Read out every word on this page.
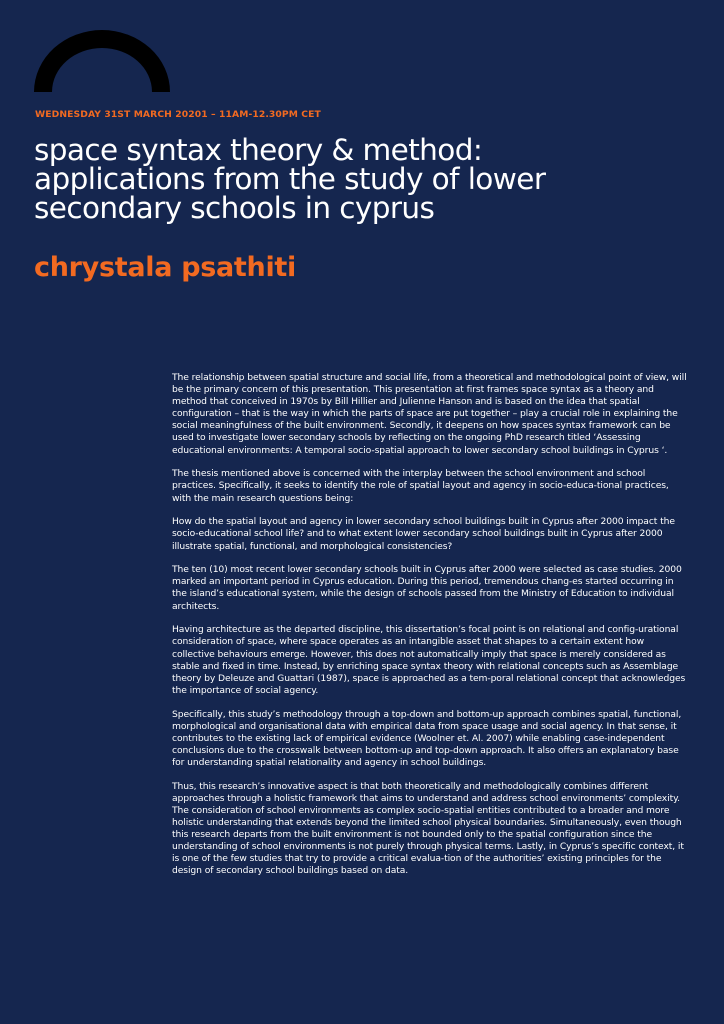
WEDNESDAY 31ST MARCH 20201 – 11AM-12.30PM CET
space syntax theory & method:
applications from the study of lower
secondary schools in cyprus
chrystala psathiti

The relationship between spatial structure and social life, from a theoretical and methodological point of view, will be the primary concern of this presentation. This presentation at first frames space syntax as a theory and method that conceived in 1970s by Bill Hillier and Julienne Hanson and is based on the idea that spatial configuration – that is the way in which the parts of space are put together – play a crucial role in explaining the social meaningfulness of the built environment. Secondly, it deepens on how spaces syntax framework can be used to investigate lower secondary schools by reflecting on the ongoing PhD research titled ‘Assessing educational environments: A temporal socio-spatial approach to lower secondary school buildings in Cyprus ‘.

The thesis mentioned above is concerned with the interplay between the school environment and school practices. Specifically, it seeks to identify the role of spatial layout and agency in socio-educa-tional practices, with the main research questions being:

How do the spatial layout and agency in lower secondary school buildings built in Cyprus after 2000 impact the socio-educational school life? and to what extent lower secondary school buildings built in Cyprus after 2000 illustrate spatial, functional, and morphological consistencies?

The ten (10) most recent lower secondary schools built in Cyprus after 2000 were selected as case studies. 2000 marked an important period in Cyprus education. During this period, tremendous chang-es started occurring in the island’s educational system, while the design of schools passed from the Ministry of Education to individual architects.

Having architecture as the departed discipline, this dissertation’s focal point is on relational and config-urational consideration of space, where space operates as an intangible asset that shapes to a certain extent how collective behaviours emerge. However, this does not automatically imply that space is merely considered as stable and fixed in time. Instead, by enriching space syntax theory with relational concepts such as Assemblage theory by Deleuze and Guattari (1987), space is approached as a tem-poral relational concept that acknowledges the importance of social agency.

Specifically, this study’s methodology through a top-down and bottom-up approach combines spatial, functional, morphological and organisational data with empirical data from space usage and social agency. In that sense, it contributes to the existing lack of empirical evidence (Woolner et. Al. 2007) while enabling case-independent conclusions due to the crosswalk between bottom-up and top-down approach. It also offers an explanatory base for understanding spatial relationality and agency in school buildings.

Thus, this research’s innovative aspect is that both theoretically and methodologically combines different approaches through a holistic framework that aims to understand and address school environments’ complexity. The consideration of school environments as complex socio-spatial entities contributed to a broader and more holistic understanding that extends beyond the limited school physical boundaries. Simultaneously, even though this research departs from the built environment is not bounded only to the spatial configuration since the understanding of school environments is not purely through physical terms. Lastly, in Cyprus’s specific context, it is one of the few studies that try to provide a critical evalua-tion of the authorities’ existing principles for the design of secondary school buildings based on data.
